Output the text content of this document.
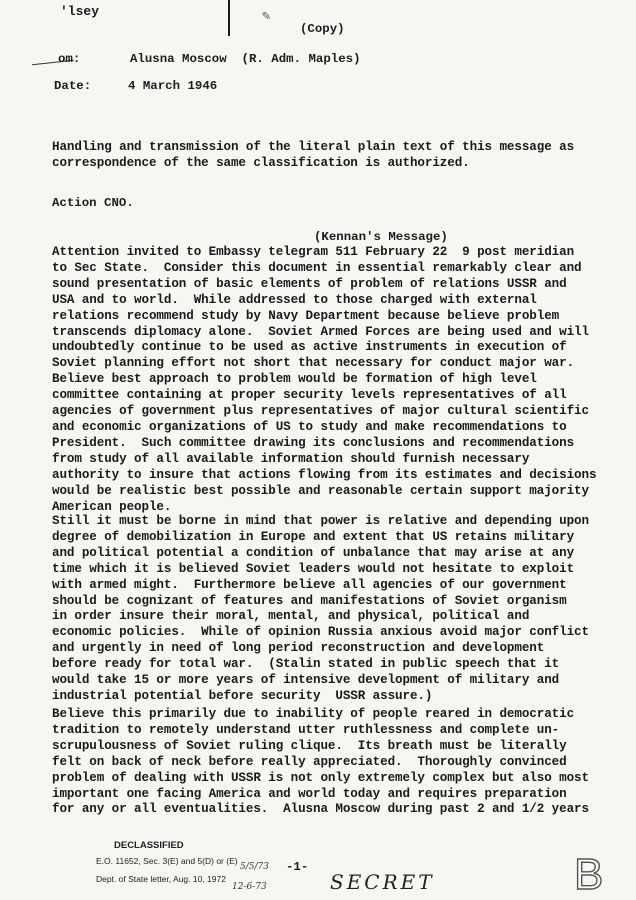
'lsey	✎
(Copy)
om:	Alusna Moscow  (R. Adm. Maples)
Date:	4 March 1946
Handling and transmission of the literal plain text of this message as
correspondence of the same classification is authorized.
Action CNO.
(Kennan's Message)
Attention invited to Embassy telegram 511 February 22  9 post meridian
to Sec State.  Consider this document in essential remarkably clear and
sound presentation of basic elements of problem of relations USSR and
USA and to world.  While addressed to those charged with external
relations recommend study by Navy Department because believe problem
transcends diplomacy alone.  Soviet Armed Forces are being used and will
undoubtedly continue to be used as active instruments in execution of
Soviet planning effort not short that necessary for conduct major war.
Believe best approach to problem would be formation of high level
committee containing at proper security levels representatives of all
agencies of government plus representatives of major cultural scientific
and economic organizations of US to study and make recommendations to
President.  Such committee drawing its conclusions and recommendations
from study of all available information should furnish necessary
authority to insure that actions flowing from its estimates and decisions
would be realistic best possible and reasonable certain support majority
American people.
Still it must be borne in mind that power is relative and depending upon
degree of demobilization in Europe and extent that US retains military
and political potential a condition of unbalance that may arise at any
time which it is believed Soviet leaders would not hesitate to exploit
with armed might.  Furthermore believe all agencies of our government
should be cognizant of features and manifestations of Soviet organism
in order insure their moral, mental, and physical, political and
economic policies.  While of opinion Russia anxious avoid major conflict
and urgently in need of long period reconstruction and development
before ready for total war.  (Stalin stated in public speech that it
would take 15 or more years of intensive development of military and
industrial potential before security  USSR assure.)
Believe this primarily due to inability of people reared in democratic
tradition to remotely understand utter ruthlessness and complete un-
scrupulousness of Soviet ruling clique.  Its breath must be literally
felt on back of neck before really appreciated.  Thoroughly convinced
problem of dealing with USSR is not only extremely complex but also most
important one facing America and world today and requires preparation
for any or all eventualities.  Alusna Moscow during past 2 and 1/2 years
DECLASSIFIED
E.O. 11652, Sec. 3(E) and 5(D) or (E)
Dept. of State letter, Aug. 10, 1972
5/5/73
12-6-73
-1-
SECRET	B
